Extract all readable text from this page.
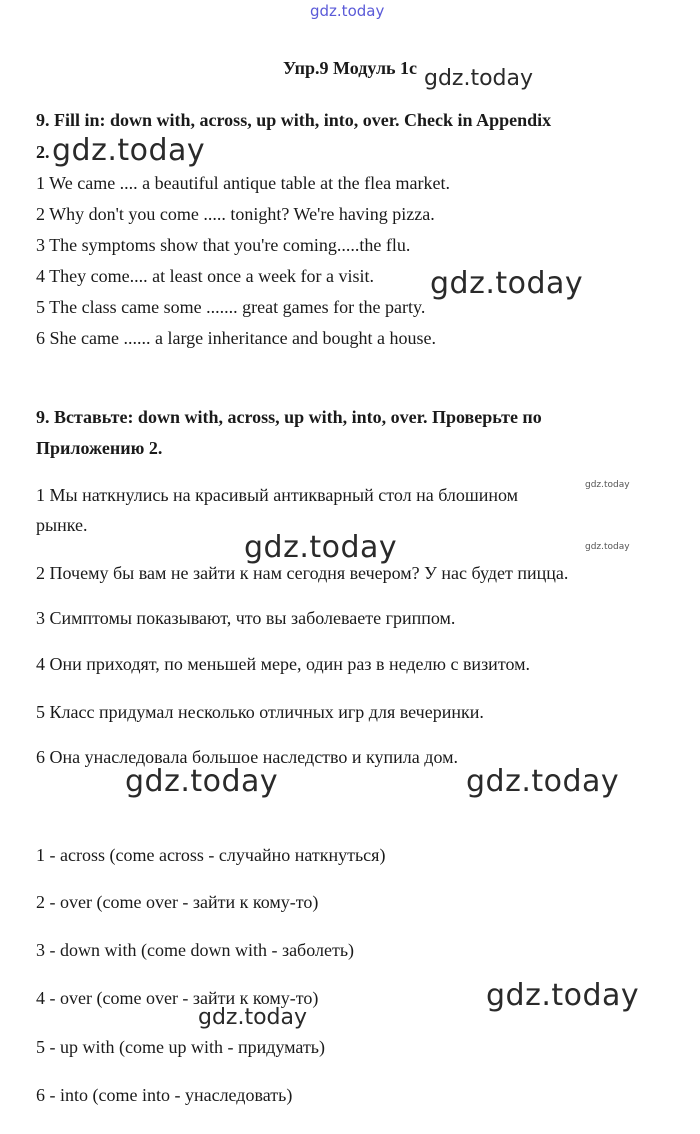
gdz.today
gdz.today
gdz.today
gdz.today
gdz.today
gdz.today	gdz.today
gdz.today	gdz.today
gdz.today
gdz.today
Упр.9 Модуль 1с
9. Fill in: down with, across, up with, into, over. Check in Appendix
2.
1 We came .... a beautiful antique table at the flea market.
2 Why don't you come ..... tonight? We're having pizza.
3 The symptoms show that you're coming.....the flu.
4 They come.... at least once a week for a visit.
5 The class came some ....... great games for the party.
6 She came ...... a large inheritance and bought a house.
9. Вставьте: down with, across, up with, into, over. Проверьте по
Приложению 2.
1 Мы наткнулись на красивый антикварный стол на блошином
рынке.
2 Почему бы вам не зайти к нам сегодня вечером? У нас будет пицца.
3 Симптомы показывают, что вы заболеваете гриппом.
4 Они приходят, по меньшей мере, один раз в неделю с визитом.
5 Класс придумал несколько отличных игр для вечеринки.
6 Она унаследовала большое наследство и купила дом.
1 - across (come across - случайно наткнуться)
2 - over (come over - зайти к кому-то)
3 - down with (come down with - заболеть)
4 - over (come over - зайти к кому-то)
5 - up with (come up with - придумать)
6 - into (come into - унаследовать)
